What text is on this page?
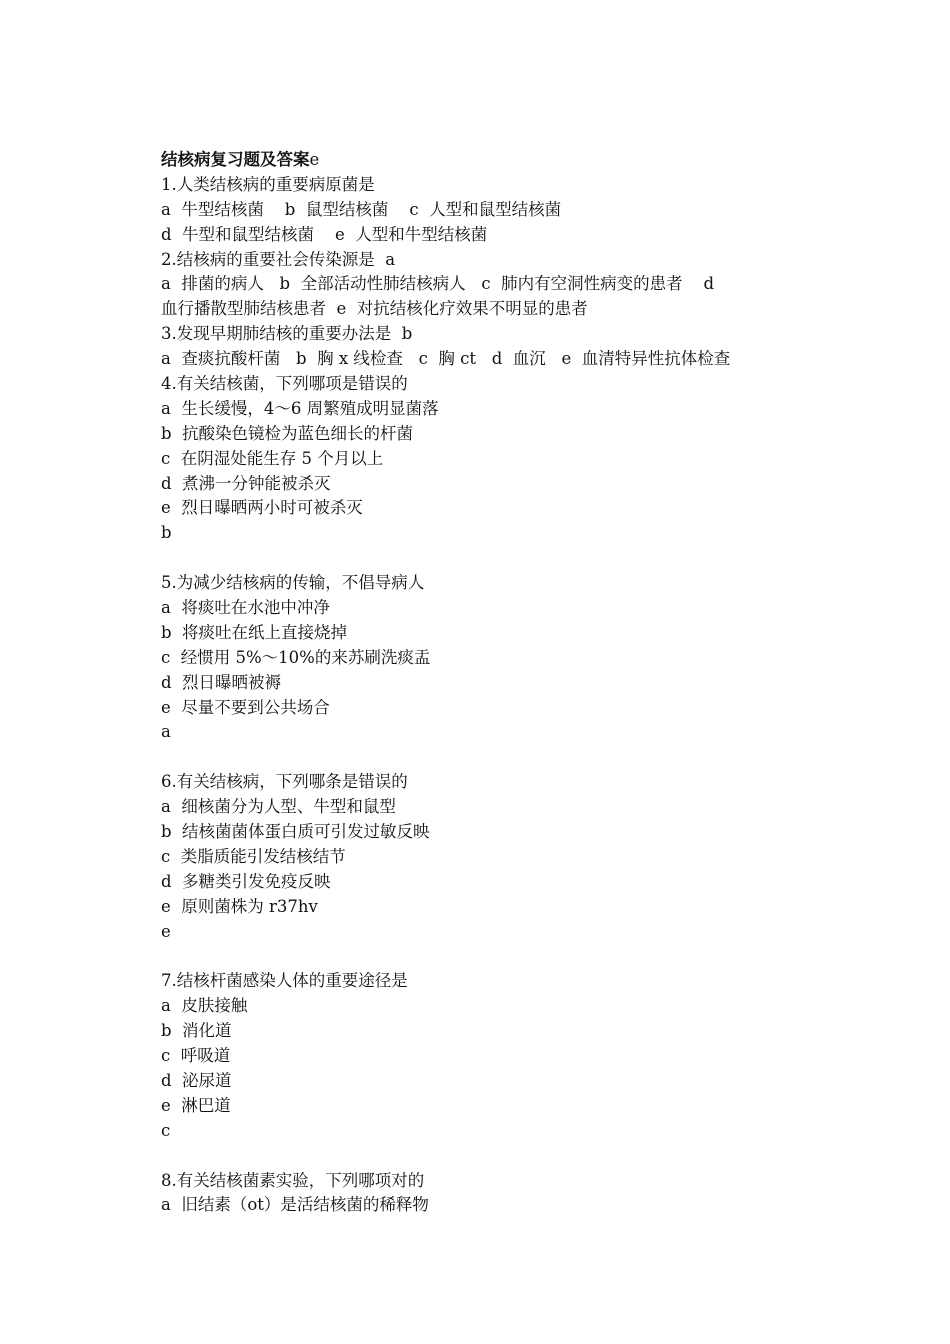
结核病复习题及答案e
1.人类结核病的重要病原菌是
a  牛型结核菌    b  鼠型结核菌    c  人型和鼠型结核菌
d  牛型和鼠型结核菌    e  人型和牛型结核菌
2.结核病的重要社会传染源是  a
a  排菌的病人   b  全部活动性肺结核病人   c  肺内有空洞性病变的患者    d
血行播散型肺结核患者  e  对抗结核化疗效果不明显的患者
3.发现早期肺结核的重要办法是  b
a  查痰抗酸杆菌   b  胸 x 线检查   c  胸 ct   d  血沉   e  血清特异性抗体检查
4.有关结核菌，下列哪项是错误的
a  生长缓慢，4～6 周繁殖成明显菌落
b  抗酸染色镜检为蓝色细长的杆菌
c  在阴湿处能生存 5 个月以上
d  煮沸一分钟能被杀灭
e  烈日曝晒两小时可被杀灭
b
5.为减少结核病的传输，不倡导病人
a  将痰吐在水池中冲净
b  将痰吐在纸上直接烧掉
c  经惯用 5%～10%的来苏刷洗痰盂
d  烈日曝晒被褥
e  尽量不要到公共场合
a
6.有关结核病，下列哪条是错误的
a  细核菌分为人型、牛型和鼠型
b  结核菌菌体蛋白质可引发过敏反映
c  类脂质能引发结核结节
d  多糖类引发免疫反映
e  原则菌株为 r37hv
e
7.结核杆菌感染人体的重要途径是
a  皮肤接触
b  消化道
c  呼吸道
d  泌尿道
e  淋巴道
c
8.有关结核菌素实验，下列哪项对的
a  旧结素（ot）是活结核菌的稀释物
